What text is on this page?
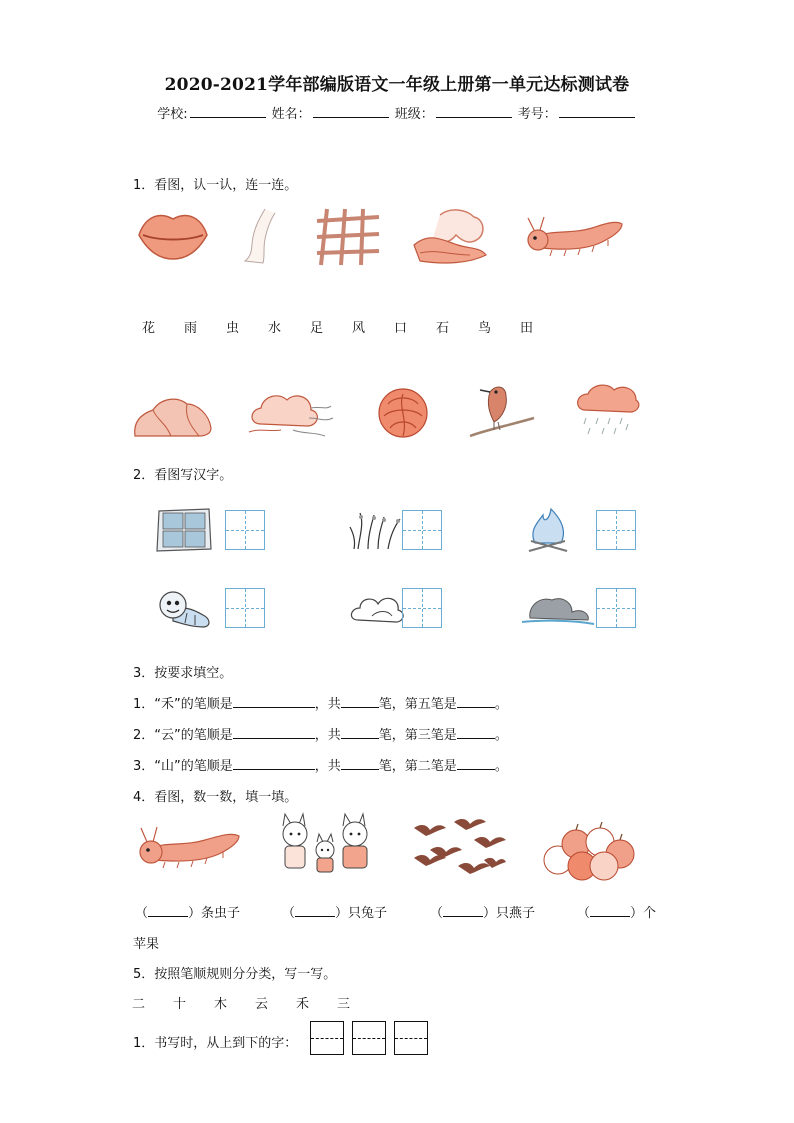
2020-2021学年部编版语文一年级上册第一单元达标测试卷
学校:	姓名：	班级：	考号：
1．看图，认一认，连一连。
花	雨	虫	水	足	风	口	石	鸟	田
2．看图写汉字。
3．按要求填空。
1．“禾”的笔顺是	，共	笔，第五笔是	。
2．“云”的笔顺是	，共	笔，第三笔是	。
3．“山”的笔顺是	，共	笔，第二笔是	。
4．看图，数一数，填一填。
（	）条虫子	（	）只兔子	（	）只燕子	（	）个
苹果
5．按照笔顺规则分分类，写一写。
二	十	木	云	禾	三
1．书写时，从上到下的字：
